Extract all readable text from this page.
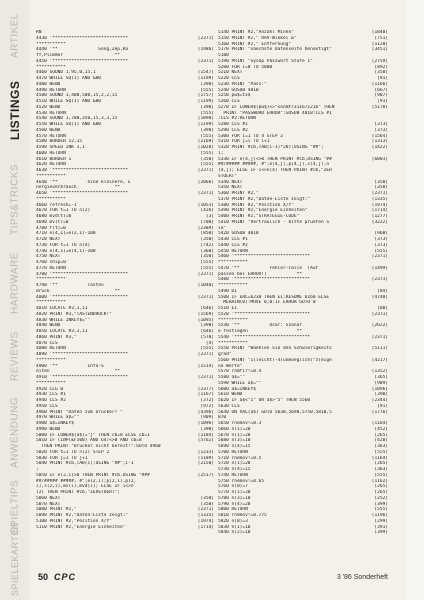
ARTIKEL
LISTINGS
TIPS&TRICKS
HARDWARE
REVIEWS
ANWENDUNG
SPIELTIPS
SPIELEKARTEN
RN
4430 '****************************	[2371]
***********
4440 '**               Gong,Zep,Ra	[1986]
ff,Plimmer                   **
4450 '****************************	[2371]
***********
4460 SOUND 1,95,0,15,1	[1547]
4470 WHILE SQ(1) AND &80	[1199]
4480 WEND	[390]
4490 RETURN	[555]
4500 SOUND 1,400,500,15,2,2,15	[1757]
4510 WHILE SQ(1) AND &80	[1199]
4520 WEND	[390]
4530 RETURN	[555]
4540 SOUND 1,700,350,15,3,3,15	[1898]
4550 WHILE SQ(1) AND &80	[1199]
4560 WEND	[390]
4570 RETURN	[555]
4580 BORDER 12,15	[1169]
4590 SPEED INK 1,1	[1028]
4600 RETURN	[555]
4610 BORDER 1	[350]
4620 RETURN	[555]
4630 '****************************	[2371]
***********
4640 '**           eine kleinere, E	[2066]
nergieverbrauch              **
4650 '****************************	[2371]
***********
4660 refresh=-1	[1053]
4670 FOR t=1 TO n(2)	[426]
4680 mvd(t)=0	[3]
4690 mv(t)=0	[700]
4700 f(t)=0	[2389]
4710 e(4,1)=e(2,1)-100	[850]
4720 NEXT	[350]
4730 FOR t=1 TO n(4)	[742]
4740 e(4,1)=e(4,1)-100	[360]
4750 NEXT	[350]
4760 ship=0	[555]
4770 RETURN	[555]
4780 '****************************	[2371]
***********
4790 '**           Tasten	[1040]
druck                        **
4800 '****************************	[2371]
***********
4810 LOCATE #3,1,11	[646]
4820 PRINT #3,"TASTENDRUCK!"	[1569]
4830 WHILE INKEY$=""	[1095]
4840 WEND	[390]
4850 LOCATE #3,1,11	[646]
4860 PRINT #3,"	[570]
4870 CLS	[4]
4880 RETURN	[555]
4890 '****************************	[2371]
***********
4900 '**           Info-S	[1514]
eiten                        **
4910 '****************************	[2371]
***********
4920 CLG 0	[2377]
4930 CLS #1	[1167]
4940 CLS #2	[372]
4950 CLS	[972]
4960 PRINT "Daten zum Drucker? "	[4396]
4970 WHILE a$=""	[909]
4980 a$=INKEY$	[1096]
4990 WEND	[390]
5000 IF LOWER$(a$)="j" THEN cb=8 ELSE cb=1	[1184]
5010 IF (INP(&F500) AND 64)<>0 AND cb=8	[5762]
THEN PRINT "Drucker nicht bereit!":GOTO 4960
5020 FOR t=1 TO n(2) STEP 2	[1233]
5030 FOR j=1 TO j+1	[1189]
5040 PRINT #cb,TAB(i);USING "##";i-1	[2150]
;
5050 IF e(2,i)>0 THEN PRINT #cb,USING "###	[2517]
##/##### #####, #";e(2,i);p(2,i),p(2,
i),s(2,i),mv(i),mvd(i); ELSE IF i<>n
(2) THEN PRINT #cb,"ZERSTOERT";
5060 NEXT	[350]
5070 NEXT	[350]
5080 PRINT #2,"	[2371]
5090 PRINT #2,"Daten-Liste zeigt:"	[1335]
5100 PRINT #2,"Position X/Y"	[1974]
5110 PRINT #2,"Energie Einheiten"	[1714]
5140 PRINT #2,"Anzahl Minen"	[1840]
5150 PRINT #2," RAV-Winkel &"	[751]
5160 PRINT #2," Entfernung"	[1120]
5170 PRINT "naechste Datenseite benoetigt"	[3451]
5180
5190 PRINT "SysOp Passwort Stufe 1"	[2759]
5200 FOR i=0 TO 5000	[892]
5210 NEXT	[350]
5220 CLS	[91]
5230 PRINT "Pass:"	[1166]
5240 GOSUB 4810	[667]
5250 pw$=tx$	[907]
5260 CLS	[91]
5270 IF LOWER$(pw$)<>"sonmtr311671216" THEN	[5178]
PRINT "PASSWORD ERROR":GOSUB 4810:CLS #1
:CLS #2:RETURN
5280 CLS #1	[373]
5290 CLS #2	[373]
5300 FOR i=1 TO 4 STEP 2	[1564]
5310 FOR j=i TO i+1	[1313]
5320 PRINT #cb,TAB(i-1)*20);USING "##";	[1422]
i;
5330 IF e(4,j)<>0 THEN PRINT #cb,USING "##	[6001]
##/##### #####, #";e(4,j),p(4,j),s(4,j),n
(4,j); ELSE IF i<>n(4) THEN PRINT #cb,"ZER
STOERT"
5340 NEXT	[350]
5350 NEXT	[350]
5360 PRINT #2,"	[2371]
5370 PRINT #2,"Daten-Liste zeigt:"	[1335]
5380 PRINT #2,"Position X/Y"	[1974]
5390 PRINT #2,"Energie Einheiten"	[1714]
5400 PRINT #2,"STRATEGIE-CODE"	[1277]
5410 PRINT "Vertraulich - bitte pruefen S	[3222]
ie"
5420 GOSUB 4810	[960]
5430 CLS #1	[373]
5440 CLS #2	[373]
5450 RETURN	[555]
5460 '****************************	[2371]
***********
5470 '**           Fehler-Falle  (Auf	[1499]
passen bei ERROR!)           **
5480 '****************************	[2371]
***********
5490 DI	[84]
5500 IF ERL=6230 THEN EI:RESUME 6160 ELSE	[4740]
MERAIN(0):MOVE 0,0:IF ERROR GOTO 0
5510 EI	[80]
5520 '****************************	[2371]
***********
5530 '**           Usar: Szanar	[2622]
e festlegen                  **
5540 '****************************	[2371]
***********
5550 PRINT "Waehlen Sie den Schwierigkeits	[5111]
grad"
5560 PRINT "1(leicht)-4(unmoeglich)"5(eige	[4217]
ne Werte"
5570 rnmfir!=0.4	[1352]
5580 a$=""	[365]
5590 WHILE a$=""	[909]
5600 a$=INKEY$	[1096]
5610 WEND	[390]
5620 IF a$<"1" OR a$>"5" THEN 5560	[2344]
5630 CLS	[91]
5640 ON VAL(a$) GOTO 5630,5690,5750,5810,5	[1776]
870
5650 rnemov!=0.3	[1164]
5660 n(1)=20	[452]
5670 n(1)=20	[265]
5680 n(3)=10	[420]
5690 n(4)=15	[363]
5700 RETURN	[555]
5710 rnemov!=0.5	[1164]
5720 n(1)=20	[265]
5730 n(4)=15	[363]
5740 RETURN	[555]
5750 rnemov!=0.65	[1162]
5760 n(0)=7	[265]
5770 n(1)=20	[265]
5780 n(3)=10	[252]
5790 n(4)=20	[399]
5800 RETURN	[555]
5810 rnemov!=0.775	[1196]
5820 n(0)=3	[299]
5830 n(1)=10	[391]
5840 n(2)=10	[399]
50 CPC	3 '86 Sonderheft
